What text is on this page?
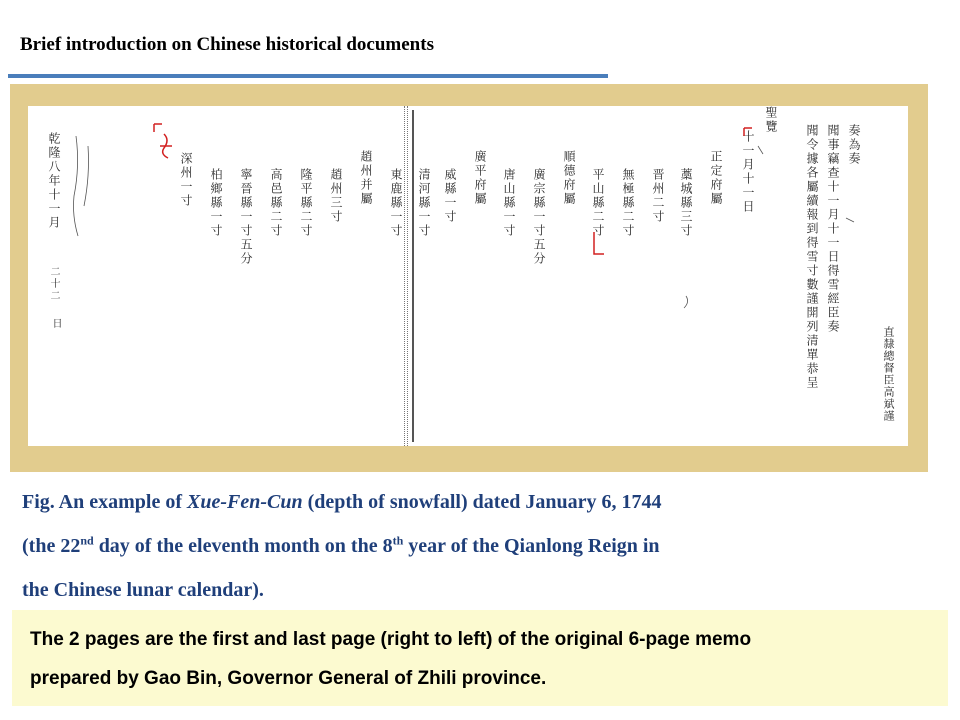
Brief introduction on Chinese historical documents
奏為奏
聞事竊查十一月十一日得雪經臣奏
聞令據各屬續報到得雪寸數謹開列清單恭呈
聖覽
十一月十一日
正定府屬
藁城縣三寸
晋州二寸
無極縣二寸
平山縣二寸
順德府屬
廣宗縣一寸五分
唐山縣一寸
廣平府屬
威縣一寸
清河縣一寸
直隸總督臣高斌謹
東鹿縣一寸
趙州并屬
趙州三寸
隆平縣二寸
高邑縣二寸
寧晉縣一寸五分
柏鄉縣一寸
深州一寸
乾隆八年十一月
二十二
日
Fig. An example of Xue-Fen-Cun (depth of snowfall) dated January 6, 1744
(the 22nd day of the eleventh month on the 8th year of the Qianlong Reign in
the Chinese lunar calendar).
The 2 pages are the first and last page (right to left) of the original 6-page memo
prepared by Gao Bin, Governor General of Zhili province.
